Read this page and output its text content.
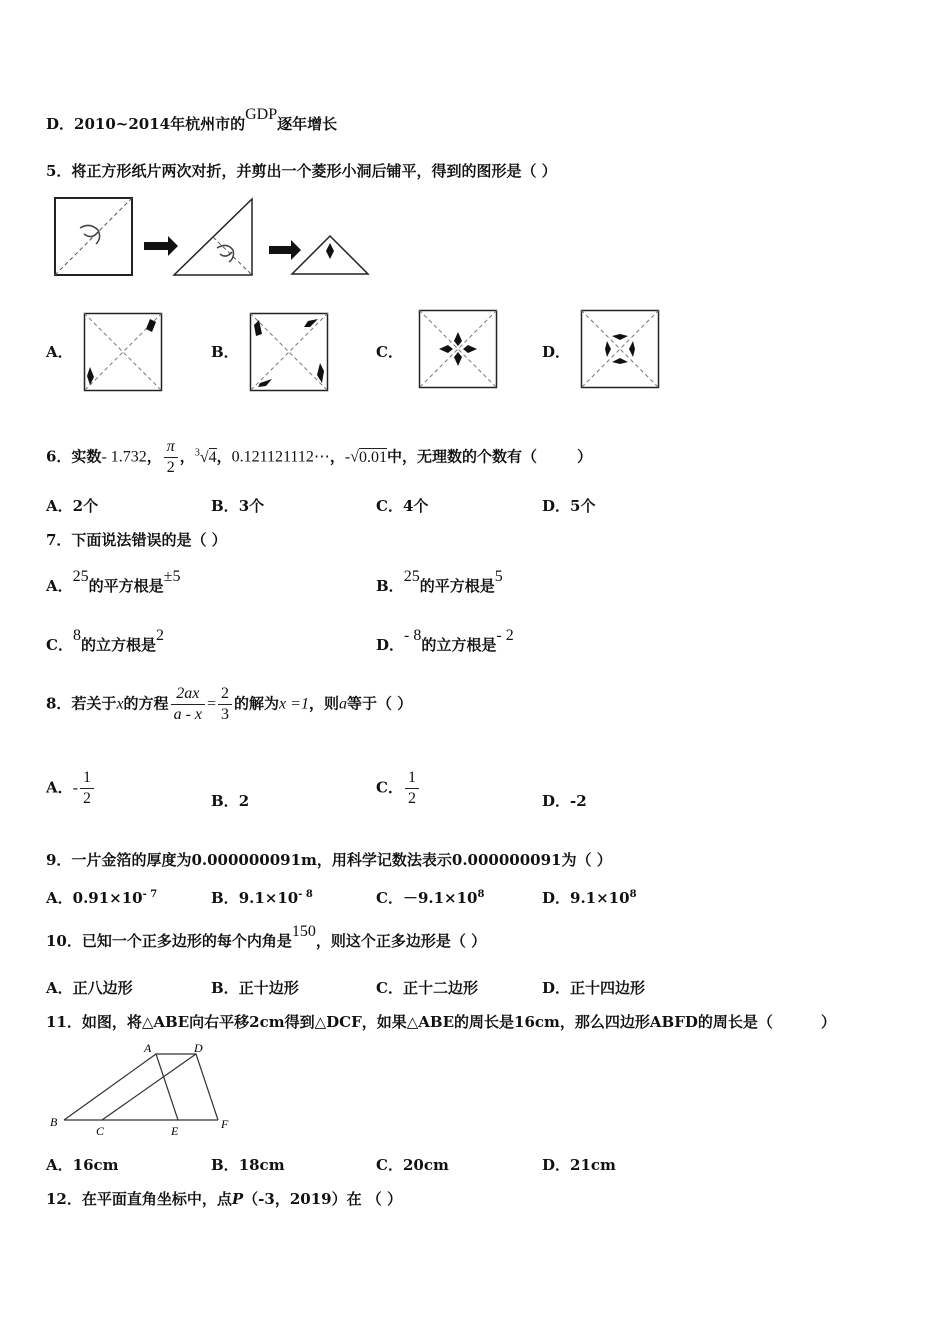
D．2010~2014年杭州市的GDP逐年增长
5．将正方形纸片两次对折，并剪出一个菱形小洞后铺平，得到的图形是（ ）
A．	B．	C．	D．
6．实数- 1.732， $\frac{\pi}{2}$ ，$^3$√4，0.121121112⋯，-√0.01中，无理数的个数有（	）
A．2个	B．3个	C．4个	D．5个
7．下面说法错误的是（ ）
A．25的平方根是±5
B．25的平方根是5
C．8的立方根是2
D．- 8的立方根是- 2
8．若关于x的方程 $\frac{2ax}{a - x} = \frac{2}{3}$ 的解为x =1，则a等于（ ）
A．- $\frac{1}{2}$	B．2
C． $\frac{1}{2}$	D．-2
9．一片金箔的厚度为0.000000091m，用科学记数法表示0.000000091为（ ）
A．$0.91\times 10^{- 7}$	B．$9.1\times 10^{- 8}$	C．$-9.1\times 10^8$	D．$9.1\times 10^8$
10．已知一个正多边形的每个内角是150，则这个正多边形是（ ）
A．正八边形	B．正十边形	C．正十二边形	D．正十四边形
11．如图，将△ABE向右平移2cm得到△DCF，如果△ABE的周长是16cm，那么四边形ABFD的周长是（	）
A	D
B
C	E	F
A．16cm	B．18cm	C．20cm	D．21cm
12．在平面直角坐标中，点P（-3，2019）在 （ ）
